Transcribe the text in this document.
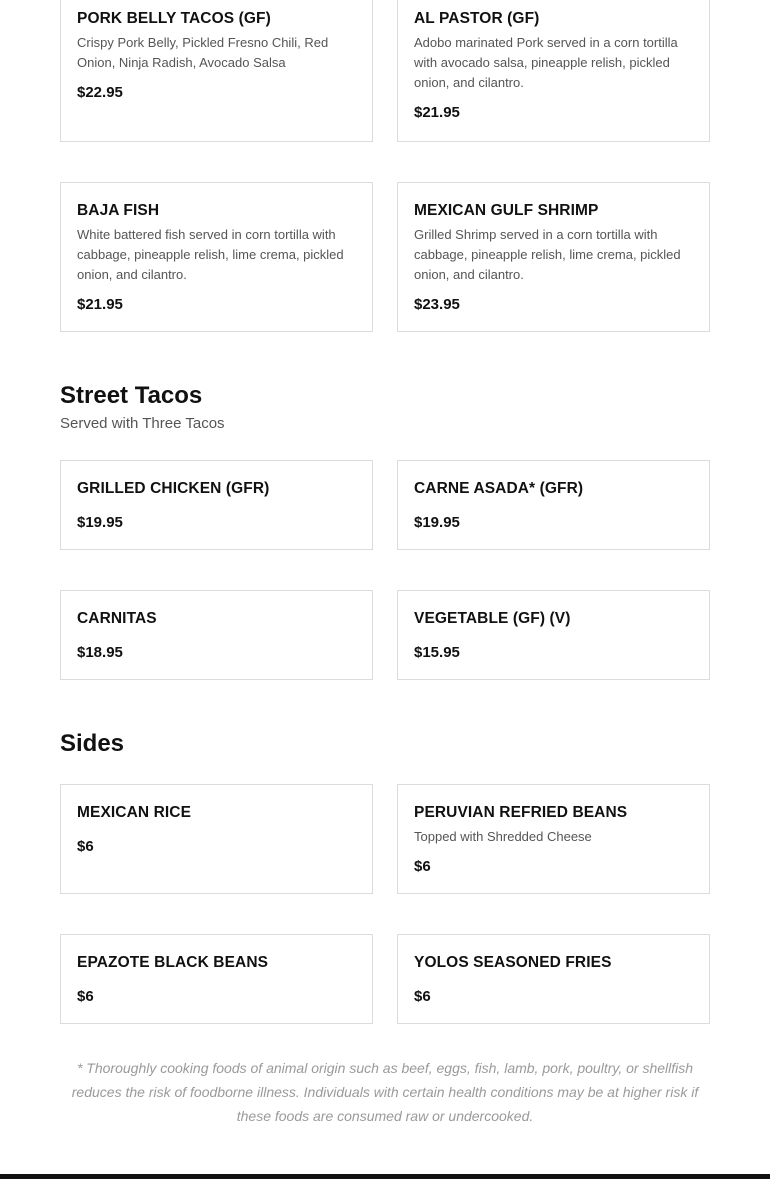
PORK BELLY TACOS (GF)
Crispy Pork Belly, Pickled Fresno Chili, Red Onion, Ninja Radish, Avocado Salsa
$22.95
AL PASTOR (GF)
Adobo marinated Pork served in a corn tortilla with avocado salsa, pineapple relish, pickled onion, and cilantro.
$21.95
BAJA FISH
White battered fish served in corn tortilla with cabbage, pineapple relish, lime crema, pickled onion, and cilantro.
$21.95
MEXICAN GULF SHRIMP
Grilled Shrimp served in a corn tortilla with cabbage, pineapple relish, lime crema, pickled onion, and cilantro.
$23.95
Street Tacos
Served with Three Tacos
GRILLED CHICKEN (GFR)
$19.95
CARNE ASADA* (GFR)
$19.95
CARNITAS
$18.95
VEGETABLE (GF) (V)
$15.95
Sides
MEXICAN RICE
$6
PERUVIAN REFRIED BEANS
Topped with Shredded Cheese
$6
EPAZOTE BLACK BEANS
$6
YOLOS SEASONED FRIES
$6
* Thoroughly cooking foods of animal origin such as beef, eggs, fish, lamb, pork, poultry, or shellfish reduces the risk of foodborne illness. Individuals with certain health conditions may be at higher risk if these foods are consumed raw or undercooked.
